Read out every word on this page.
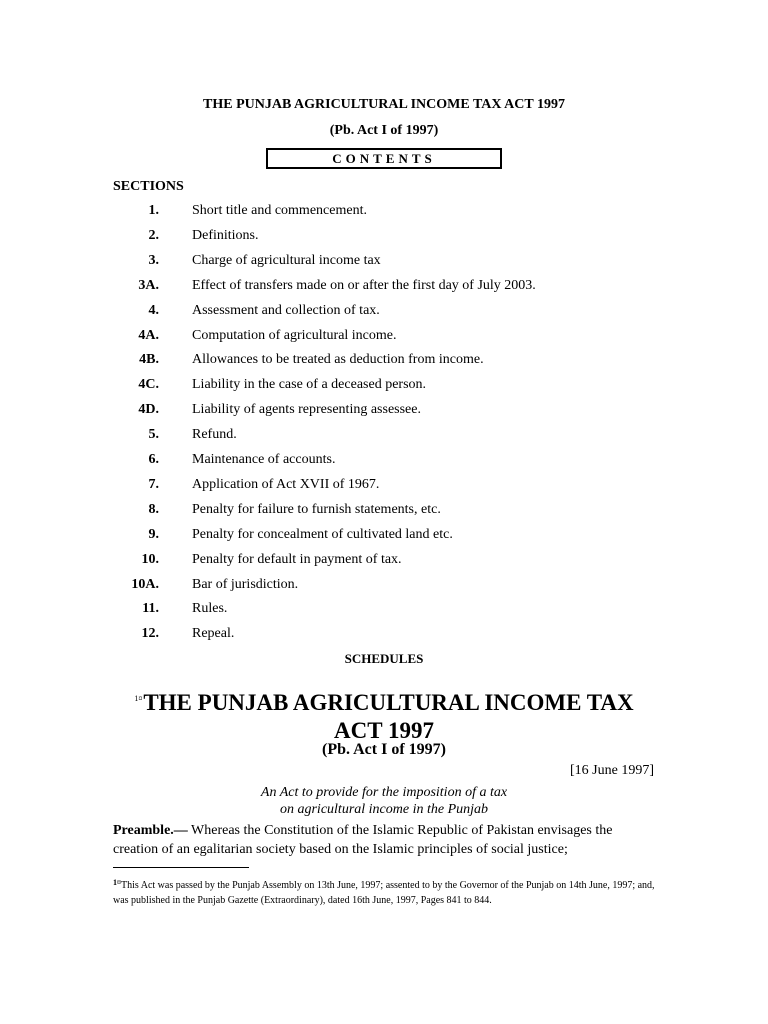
THE PUNJAB AGRICULTURAL INCOME TAX ACT 1997
(Pb. Act I of 1997)
CONTENTS
SECTIONS
1. Short title and commencement.
2. Definitions.
3. Charge of agricultural income tax
3A. Effect of transfers made on or after the first day of July 2003.
4. Assessment and collection of tax.
4A. Computation of agricultural income.
4B. Allowances to be treated as deduction from income.
4C. Liability in the case of a deceased person.
4D. Liability of agents representing assessee.
5. Refund.
6. Maintenance of accounts.
7. Application of Act XVII of 1967.
8. Penalty for failure to furnish statements, etc.
9. Penalty for concealment of cultivated land etc.
10. Penalty for default in payment of tax.
10A. Bar of jurisdiction.
11. Rules.
12. Repeal.
SCHEDULES
$^{1¤}$THE PUNJAB AGRICULTURAL INCOME TAX
ACT 1997
(Pb. Act I of 1997)
[16 June 1997]
An Act to provide for the imposition of a tax
on agricultural income in the Punjab
Preamble.— Whereas the Constitution of the Islamic Republic of Pakistan envisages the creation of an egalitarian society based on the Islamic principles of social justice;
$^{1¤}$This Act was passed by the Punjab Assembly on 13th June, 1997; assented to by the Governor of the Punjab on 14th June, 1997; and, was published in the Punjab Gazette (Extraordinary), dated 16th June, 1997, Pages 841 to 844.
